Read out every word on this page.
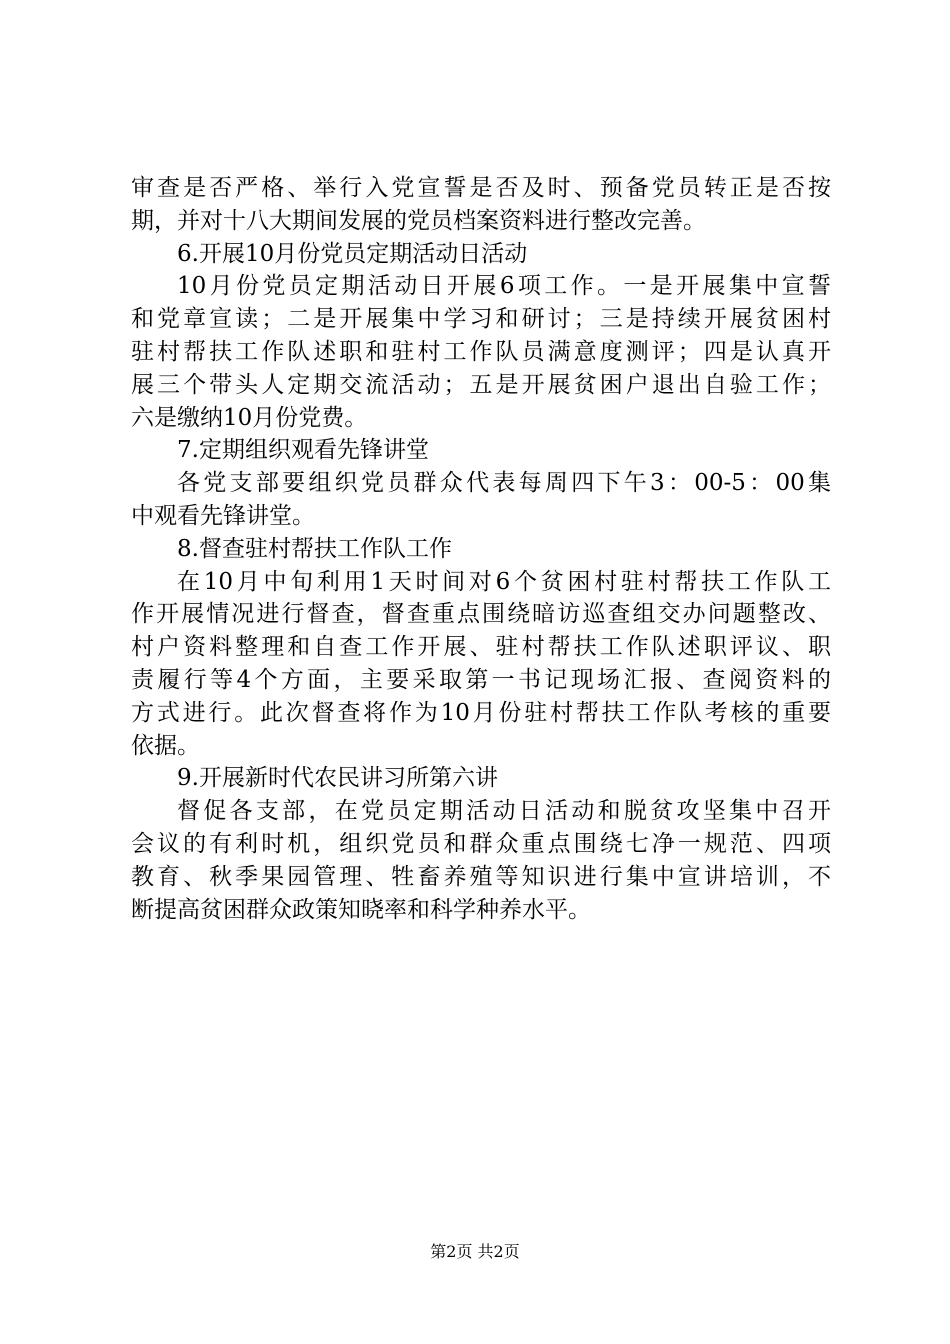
审查是否严格、举行入党宣誓是否及时、预备党员转正是否按
期，并对十八大期间发展的党员档案资料进行整改完善。
6.开展10月份党员定期活动日活动
10月份党员定期活动日开展6项工作。一是开展集中宣誓
和党章宣读；二是开展集中学习和研讨；三是持续开展贫困村
驻村帮扶工作队述职和驻村工作队员满意度测评；四是认真开
展三个带头人定期交流活动；五是开展贫困户退出自验工作；
六是缴纳10月份党费。
7.定期组织观看先锋讲堂
各党支部要组织党员群众代表每周四下午3：00-5：00集
中观看先锋讲堂。
8.督查驻村帮扶工作队工作
在10月中旬利用1天时间对6个贫困村驻村帮扶工作队工
作开展情况进行督查，督查重点围绕暗访巡查组交办问题整改、
村户资料整理和自查工作开展、驻村帮扶工作队述职评议、职
责履行等4个方面，主要采取第一书记现场汇报、查阅资料的
方式进行。此次督查将作为10月份驻村帮扶工作队考核的重要
依据。
9.开展新时代农民讲习所第六讲
督促各支部，在党员定期活动日活动和脱贫攻坚集中召开
会议的有利时机，组织党员和群众重点围绕七净一规范、四项
教育、秋季果园管理、牲畜养殖等知识进行集中宣讲培训，不
断提高贫困群众政策知晓率和科学种养水平。
第2页 共2页
